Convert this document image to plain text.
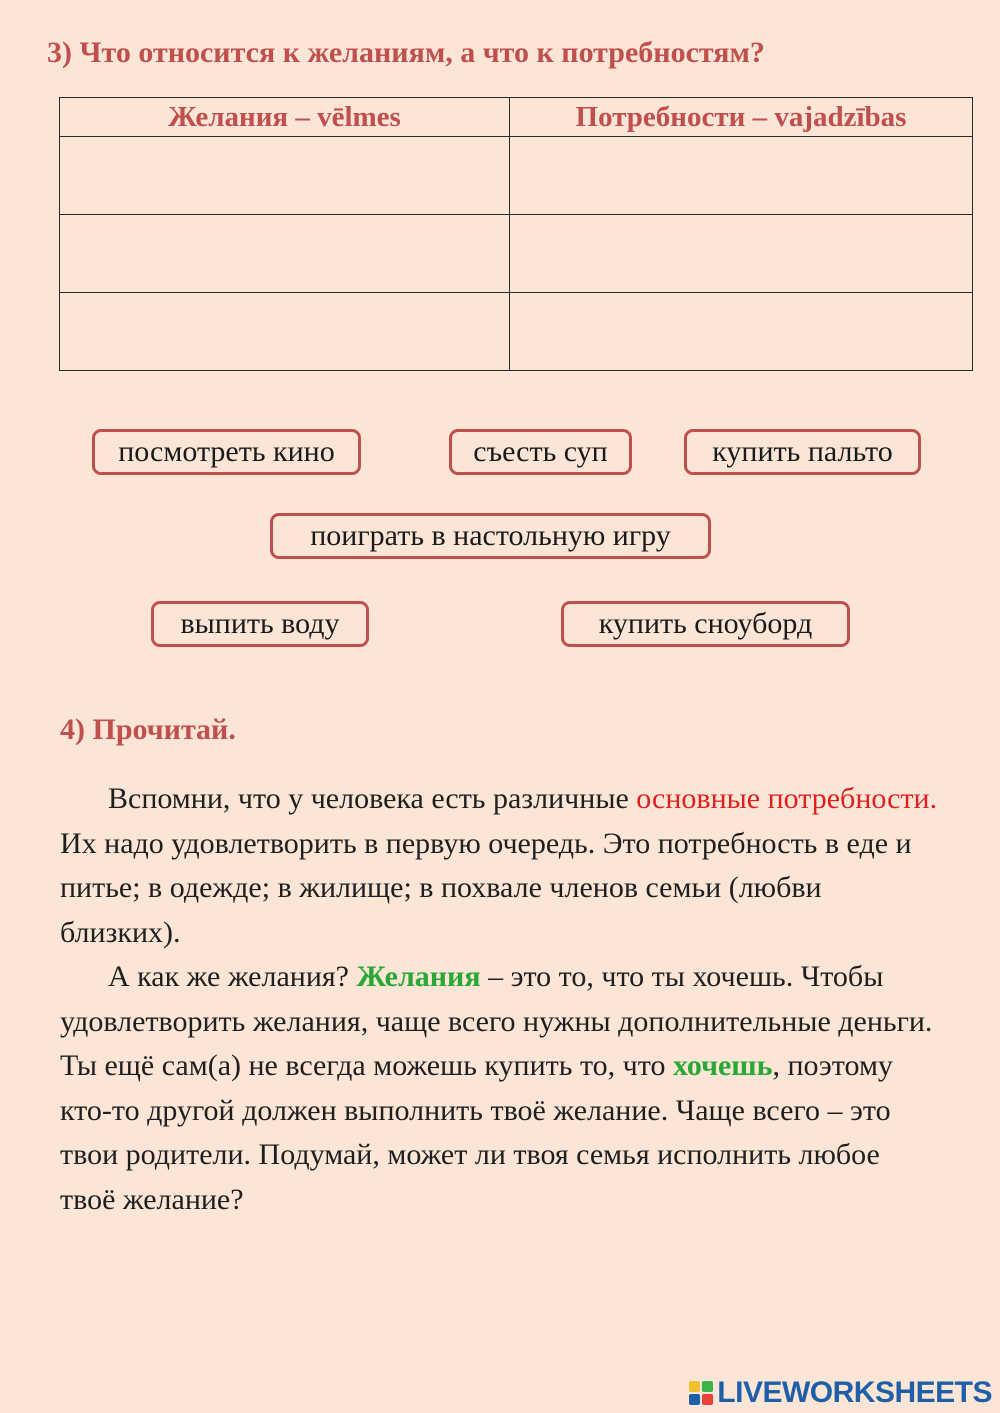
3) Что относится к желаниям, а что к потребностям?
Желания – vēlmes	Потребности – vajadzības

посмотреть кино	съесть суп	купить пальто
поиграть в настольную игру
выпить воду	купить сноуборд
4) Прочитай.

Вспомни, что у человека есть различные основные потребности. Их надо удовлетворить в первую очередь. Это потребность в еде и питье; в одежде; в жилище; в похвале членов семьи (любви близких).

А как же желания? Желания – это то, что ты хочешь. Чтобы удовлетворить желания, чаще всего нужны дополнительные деньги. Ты ещё сам(а) не всегда можешь купить то, что хочешь, поэтому кто-то другой должен выполнить твоё желание. Чаще всего – это твои родители. Подумай, может ли твоя семья исполнить любое твоё желание?

LIVEWORKSHEETS
